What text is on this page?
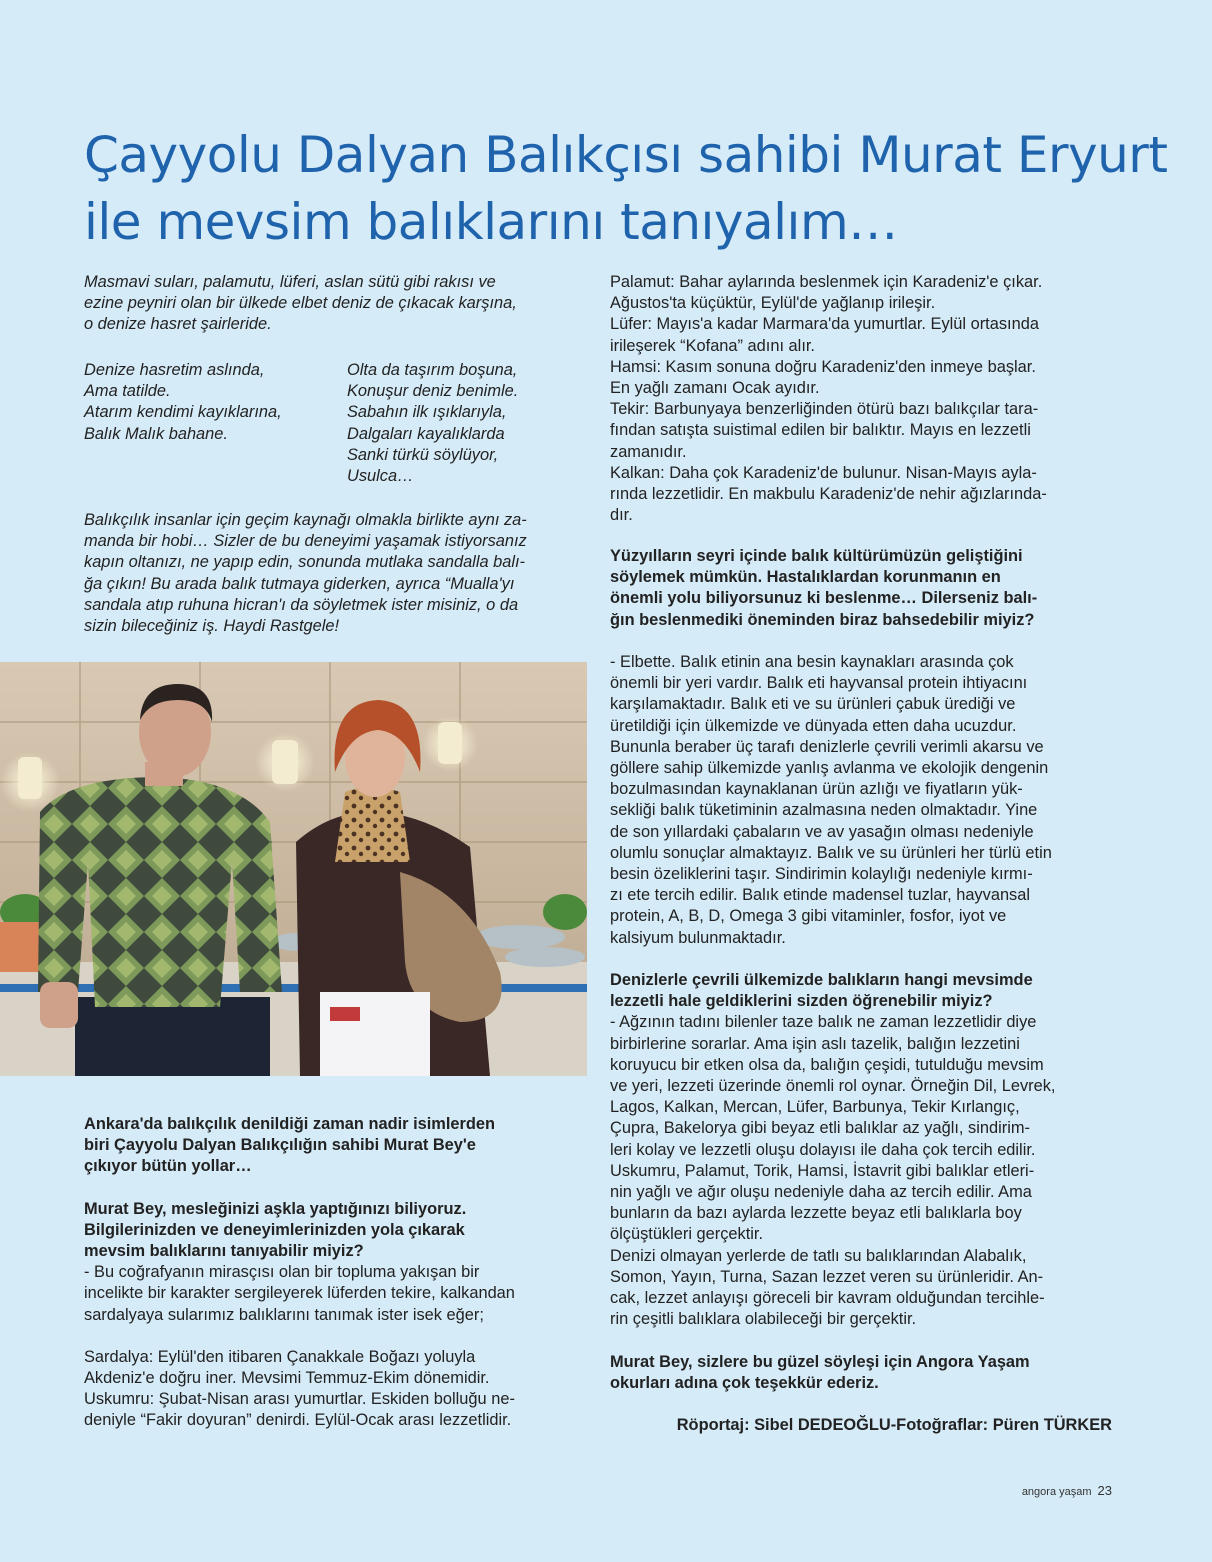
Çayyolu Dalyan Balıkçısı sahibi Murat Eryurt
ile mevsim balıklarını tanıyalım…

Masmavi suları, palamutu, lüferi, aslan sütü gibi rakısı ve

ezine peyniri olan bir ülkede elbet deniz de çıkacak karşına,

o denize hasret şairleride.

Denize hasretim aslında,
Ama tatilde.
Atarım kendimi kayıklarına,
Balık Malık bahane.
Olta da taşırım boşuna,
Konuşur deniz benimle.
Sabahın ilk ışıklarıyla,
Dalgaları kayalıklarda
Sanki türkü söylüyor,
Usulca…

Balıkçılık insanlar için geçim kaynağı olmakla birlikte aynı za-

manda bir hobi… Sizler de bu deneyimi yaşamak istiyorsanız

kapın oltanızı, ne yapıp edin, sonunda mutlaka sandalla balı-

ğa çıkın! Bu arada balık tutmaya giderken, ayrıca “Mualla'yı

sandala atıp ruhuna hicran'ı da söyletmek ister misiniz, o da

sizin bileceğiniz iş. Haydi Rastgele!

Ankara'da balıkçılık denildiği zaman nadir isimlerden

biri Çayyolu Dalyan Balıkçılığın sahibi Murat Bey'e

çıkıyor bütün yollar…

Murat Bey, mesleğinizi aşkla yaptığınızı biliyoruz.

Bilgilerinizden ve deneyimlerinizden yola çıkarak

mevsim balıklarını tanıyabilir miyiz?

- Bu coğrafyanın mirasçısı olan bir topluma yakışan bir

incelikte bir karakter sergileyerek lüferden tekire, kalkandan

sardalyaya sularımız balıklarını tanımak ister isek eğer;

Sardalya: Eylül'den itibaren Çanakkale Boğazı yoluyla

Akdeniz'e doğru iner. Mevsimi Temmuz-Ekim dönemidir.

Uskumru: Şubat-Nisan arası yumurtlar. Eskiden bolluğu ne-

deniyle “Fakir doyuran” denirdi. Eylül-Ocak arası lezzetlidir.

Palamut: Bahar aylarında beslenmek için Karadeniz'e çıkar.

Ağustos'ta küçüktür, Eylül'de yağlanıp irileşir.

Lüfer: Mayıs'a kadar Marmara'da yumurtlar. Eylül ortasında

irileşerek “Kofana” adını alır.

Hamsi: Kasım sonuna doğru Karadeniz'den inmeye başlar.

En yağlı zamanı Ocak ayıdır.

Tekir: Barbunyaya benzerliğinden ötürü bazı balıkçılar tara-

fından satışta suistimal edilen bir balıktır. Mayıs en lezzetli

zamanıdır.

Kalkan: Daha çok Karadeniz'de bulunur. Nisan-Mayıs ayla-

rında lezzetlidir. En makbulu Karadeniz'de nehir ağızlarında-

dır.

Yüzyılların seyri içinde balık kültürümüzün geliştiğini

söylemek mümkün. Hastalıklardan korunmanın en

önemli yolu biliyorsunuz ki beslenme… Dilerseniz balı-

ğın beslenmediki öneminden biraz bahsedebilir miyiz?

- Elbette. Balık etinin ana besin kaynakları arasında çok

önemli bir yeri vardır. Balık eti hayvansal protein ihtiyacını

karşılamaktadır. Balık eti ve su ürünleri çabuk ürediği ve

üretildiği için ülkemizde ve dünyada etten daha ucuzdur.

Bununla beraber üç tarafı denizlerle çevrili verimli akarsu ve

göllere sahip ülkemizde yanlış avlanma ve ekolojik dengenin

bozulmasından kaynaklanan ürün azlığı ve fiyatların yük-

sekliği balık tüketiminin azalmasına neden olmaktadır. Yine

de son yıllardaki çabaların ve av yasağın olması nedeniyle

olumlu sonuçlar almaktayız. Balık ve su ürünleri her türlü etin

besin özeliklerini taşır. Sindirimin kolaylığı nedeniyle kırmı-

zı ete tercih edilir. Balık etinde madensel tuzlar, hayvansal

protein, A, B, D, Omega 3 gibi vitaminler, fosfor, iyot ve

kalsiyum bulunmaktadır.

Denizlerle çevrili ülkemizde balıkların hangi mevsimde

lezzetli hale geldiklerini sizden öğrenebilir miyiz?

- Ağzının tadını bilenler taze balık ne zaman lezzetlidir diye

birbirlerine sorarlar. Ama işin aslı tazelik, balığın lezzetini

koruyucu bir etken olsa da, balığın çeşidi, tutulduğu mevsim

ve yeri, lezzeti üzerinde önemli rol oynar. Örneğin Dil, Levrek,

Lagos, Kalkan, Mercan, Lüfer, Barbunya, Tekir Kırlangıç,

Çupra, Bakelorya gibi beyaz etli balıklar az yağlı, sindirim-

leri kolay ve lezzetli oluşu dolayısı ile daha çok tercih edilir.

Uskumru, Palamut, Torik, Hamsi, İstavrit gibi balıklar etleri-

nin yağlı ve ağır oluşu nedeniyle daha az tercih edilir. Ama

bunların da bazı aylarda lezzette beyaz etli balıklarla boy

ölçüştükleri gerçektir.

Denizi olmayan yerlerde de tatlı su balıklarından Alabalık,

Somon, Yayın, Turna, Sazan lezzet veren su ürünleridir. An-

cak, lezzet anlayışı göreceli bir kavram olduğundan tercihle-

rin çeşitli balıklara olabileceği bir gerçektir.

Murat Bey, sizlere bu güzel söyleşi için Angora Yaşam

okurları adına çok teşekkür ederiz.

Röportaj: Sibel DEDEOĞLU-Fotoğraflar: Püren TÜRKER
angora yaşam 23
